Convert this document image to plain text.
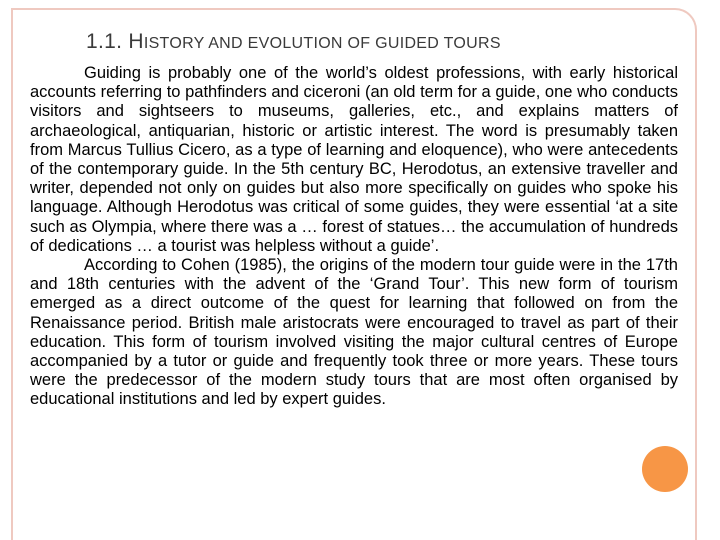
1.1. HISTORY AND EVOLUTION OF GUIDED TOURS

Guiding is probably one of the world’s oldest professions, with early historical accounts referring to pathfinders and ciceroni (an old term for a guide, one who conducts visitors and sightseers to museums, galleries, etc., and explains matters of archaeological, antiquarian, historic or artistic interest. The word is presumably taken from Marcus Tullius Cicero, as a type of learning and eloquence), who were antecedents of the contemporary guide. In the 5th century BC, Herodotus, an extensive traveller and writer, depended not only on guides but also more specifically on guides who spoke his language. Although Herodotus was critical of some guides, they were essential ‘at a site such as Olympia, where there was a … forest of statues… the accumulation of hundreds of dedications … a tourist was helpless without a guide’.

According to Cohen (1985), the origins of the modern tour guide were in the 17th and 18th centuries with the advent of the ‘Grand Tour’. This new form of tourism emerged as a direct outcome of the quest for learning that followed on from the Renaissance period. British male aristocrats were encouraged to travel as part of their education. This form of tourism involved visiting the major cultural centres of Europe accompanied by a tutor or guide and frequently took three or more years. These tours were the predecessor of the modern study tours that are most often organised by educational institutions and led by expert guides.
